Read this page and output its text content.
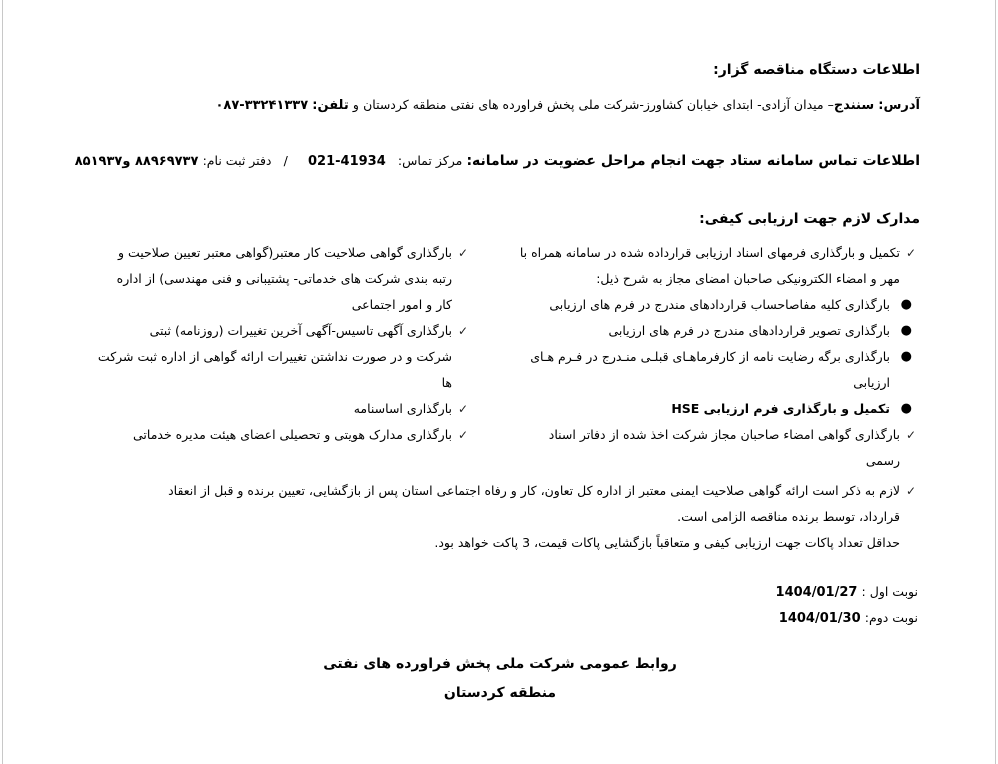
اطلاعات دستگاه مناقصه گزار:
آدرس: سنندج– میدان آزادی- ابتدای خیابان کشاورز-شرکت ملی پخش فراورده های نفتی منطقه کردستان و تلفن: ۰۸۷-۳۳۲۴۱۳۳۷
اطلاعات تماس سامانه ستاد جهت انجام مراحل عضویت در سامانه: مرکز تماس: 021-41934 / دفتر ثبت نام: ۸۸۹۶۹۷۳۷ و۸۵۱۹۳۷
مدارک لازم جهت ارزیابی کیفی:
✓
تکمیل و بارگذاری فرمهای اسناد ارزیابی قرارداده شده در سامانه همراه با
مهر و امضاء الکترونیکی صاحبان امضای مجاز به شرح ذیل:
●
بارگذاری کلیه مفاصاحساب قراردادهای مندرج در فرم های ارزیابی
●
بارگذاری تصویر قراردادهای مندرج در فرم های ارزیابی
●
بارگذاری برگه رضایت نامه از کارفرماهـای قبلـی منـدرج در فـرم هـای
ارزیابی
●
تکمیل و بارگذاری فرم ارزیابی HSE
✓
بارگذاری گواهی امضاء صاحبان مجاز شرکت اخذ شده از دفاتر اسناد
رسمی
✓
بارگذاری گواهی صلاحیت کار معتبر(گواهی معتبر تعیین صلاحیت و
رتبه بندی شرکت های خدماتی- پشتیبانی و فنی مهندسی) از اداره
کار و امور اجتماعی
✓
بارگذاری آگهی تاسیس-آگهی آخرین تغییرات (روزنامه) ثبتی
شرکت و در صورت نداشتن تغییرات ارائه گواهی از اداره ثبت شرکت
ها
✓
بارگذاری اساسنامه
✓
بارگذاری مدارک هویتی و تحصیلی اعضای هیئت مدیره خدماتی
✓
لازم به ذکر است ارائه گواهی صلاحیت ایمنی معتبر از اداره کل تعاون، کار و رفاه اجتماعی استان پس از بازگشایی، تعیین برنده و قبل از انعقاد
قرارداد، توسط برنده مناقصه الزامی است.
حداقل تعداد پاکات جهت ارزیابی کیفی و متعاقباً بازگشایی پاکات قیمت، 3 پاکت خواهد بود.
نوبت اول : 1404/01/27
نوبت دوم: 1404/01/30
روابط عمومی شرکت ملی پخش فراورده های نفتی
منطقه کردستان
